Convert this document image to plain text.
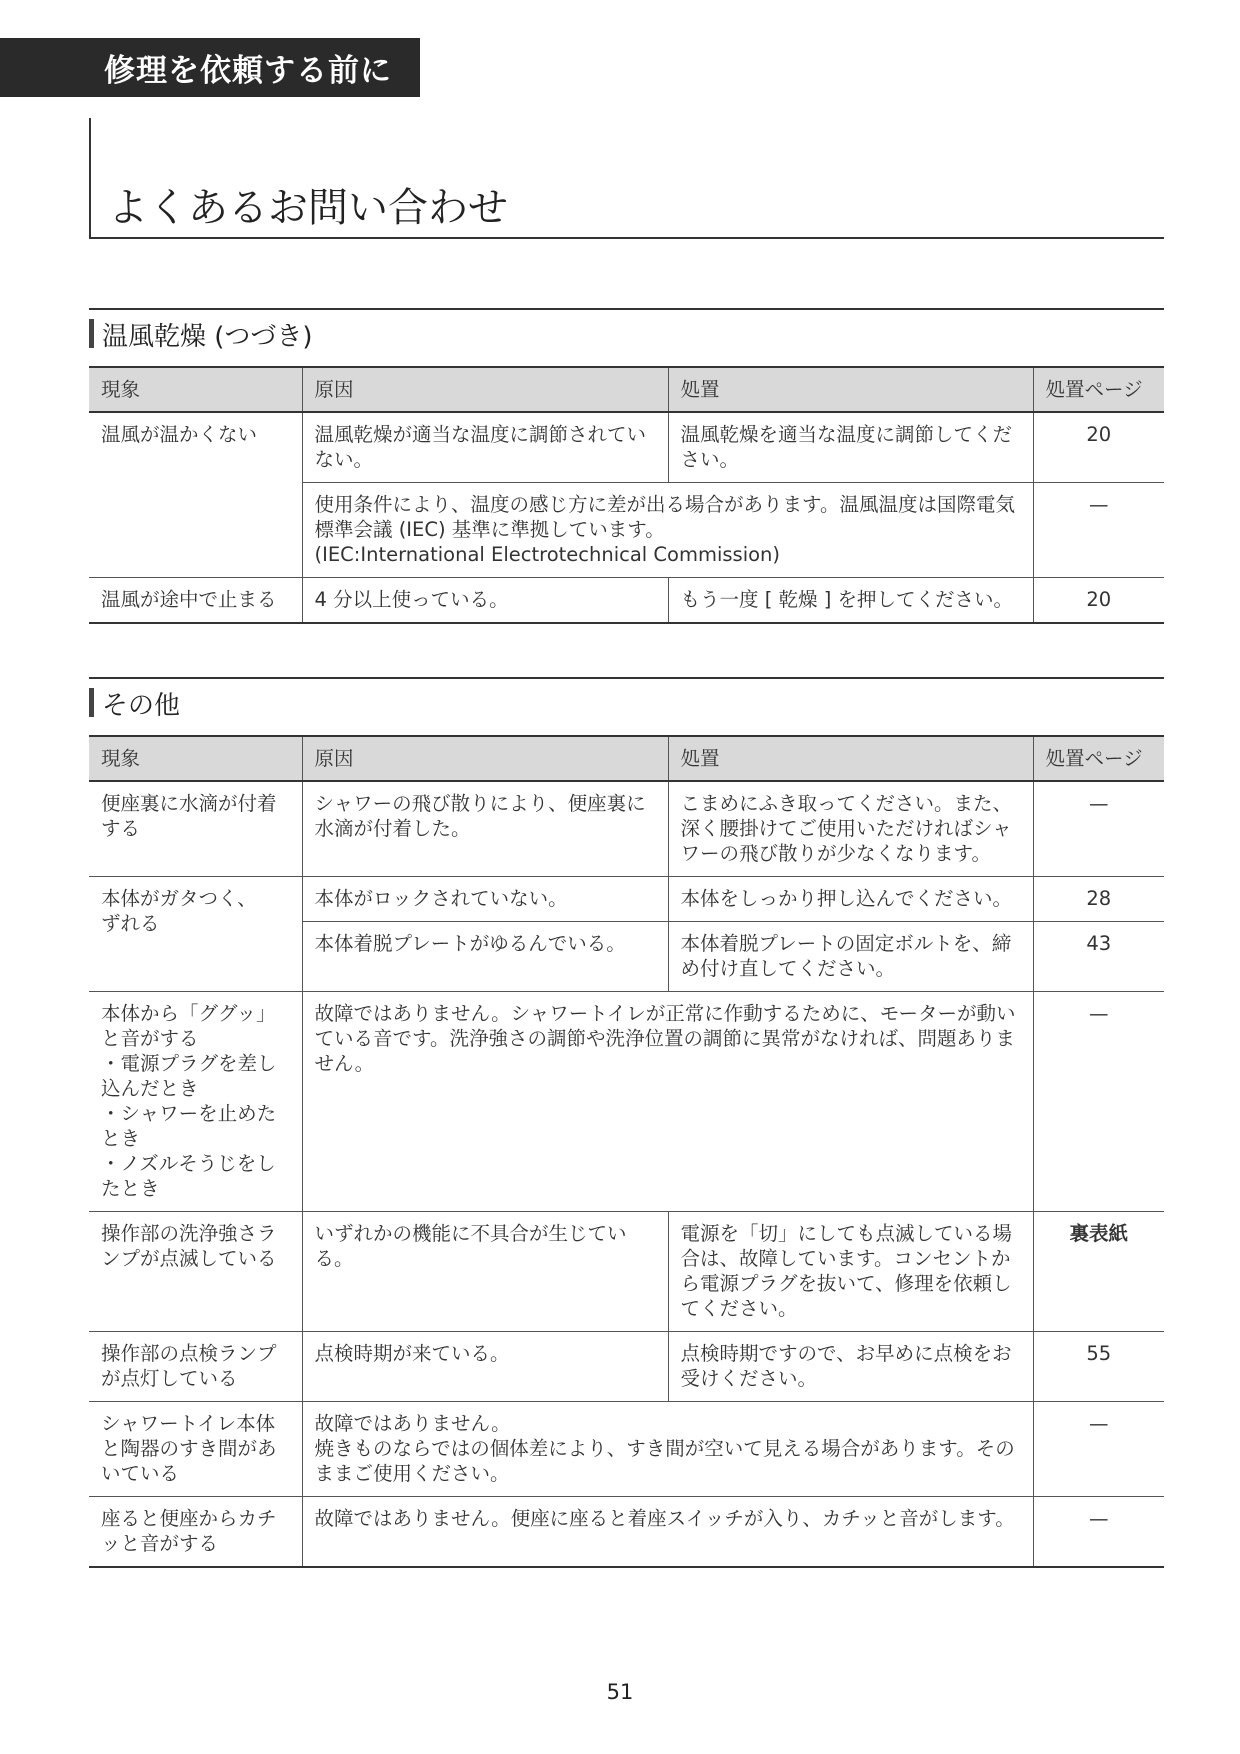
修理を依頼する前に
よくあるお問い合わせ
温風乾燥 (つづき)
現象	原因	処置	処置ページ
温風が温かくない	温風乾燥が適当な温度に調節されていない。	温風乾燥を適当な温度に調節してください。	20
	使用条件により、温度の感じ方に差が出る場合があります。温風温度は国際電気標準会議 (IEC) 基準に準拠しています。
(IEC:International Electrotechnical Commission)		—
温風が途中で止まる	4 分以上使っている。	もう一度 [ 乾燥 ] を押してください。	20
その他
現象	原因	処置	処置ページ
便座裏に水滴が付着する	シャワーの飛び散りにより、便座裏に水滴が付着した。	こまめにふき取ってください。また、深く腰掛けてご使用いただければシャワーの飛び散りが少なくなります。	—
本体がガタつく、
ずれる	本体がロックされていない。	本体をしっかり押し込んでください。	28
	本体着脱プレートがゆるんでいる。	本体着脱プレートの固定ボルトを、締め付け直してください。	43
本体から「ググッ」と音がする
・電源プラグを差し込んだとき
・シャワーを止めたとき
・ノズルそうじをしたとき	故障ではありません。シャワートイレが正常に作動するために、モーターが動いている音です。洗浄強さの調節や洗浄位置の調節に異常がなければ、問題ありません。		—
操作部の洗浄強さランプが点滅している	いずれかの機能に不具合が生じている。	電源を「切」にしても点滅している場合は、故障しています。コンセントから電源プラグを抜いて、修理を依頼してください。	裏表紙
操作部の点検ランプが点灯している	点検時期が来ている。	点検時期ですので、お早めに点検をお受けください。	55
シャワートイレ本体と陶器のすき間があいている	故障ではありません。
焼きものならではの個体差により、すき間が空いて見える場合があります。そのままご使用ください。		—
座ると便座からカチッと音がする	故障ではありません。便座に座ると着座スイッチが入り、カチッと音がします。		—
51
